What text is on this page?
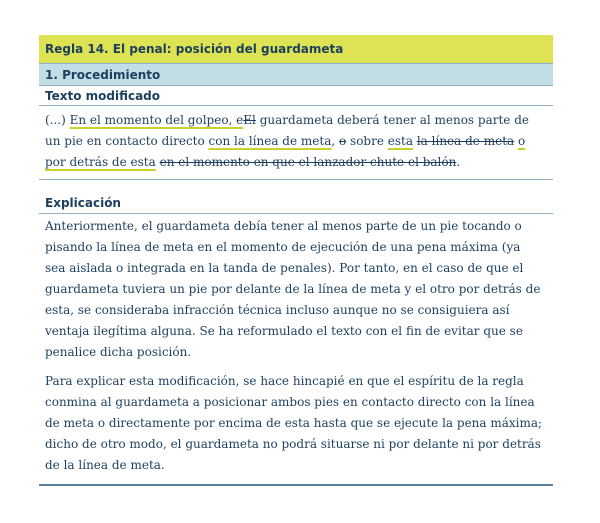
Regla 14. El penal: posición del guardameta
1. Procedimiento
Texto modificado
(...) En el momento del golpeo, eEl guardameta deberá tener al menos parte de
un pie en contacto directo con la línea de meta, o sobre esta la línea de meta o
por detrás de esta en el momento en que el lanzador chute el balón.
Explicación
Anteriormente, el guardameta debía tener al menos parte de un pie tocando o
pisando la línea de meta en el momento de ejecución de una pena máxima (ya
sea aislada o integrada en la tanda de penales). Por tanto, en el caso de que el
guardameta tuviera un pie por delante de la línea de meta y el otro por detrás de
esta, se consideraba infracción técnica incluso aunque no se consiguiera así
ventaja ilegítima alguna. Se ha reformulado el texto con el fin de evitar que se
penalice dicha posición.
Para explicar esta modificación, se hace hincapié en que el espíritu de la regla
conmina al guardameta a posicionar ambos pies en contacto directo con la línea
de meta o directamente por encima de esta hasta que se ejecute la pena máxima;
dicho de otro modo, el guardameta no podrá situarse ni por delante ni por detrás
de la línea de meta.
